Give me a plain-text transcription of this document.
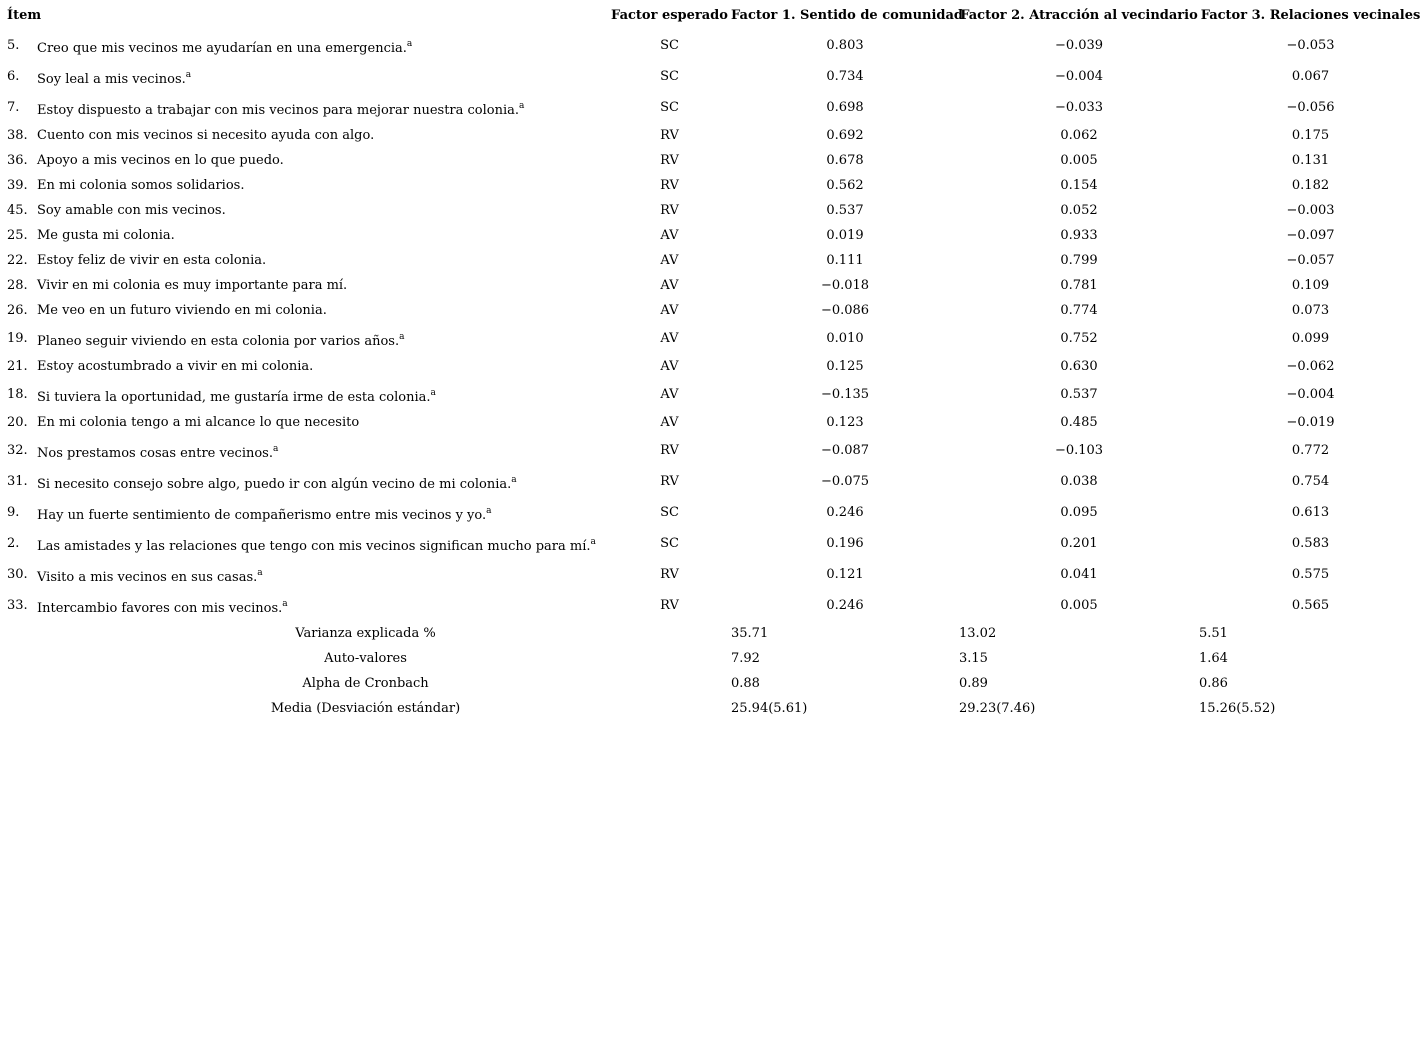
Ítem		Factor esperado	Factor 1. Sentido de comunidad	Factor 2. Atracción al vecindario	Factor 3. Relaciones vecinales
5.	Creo que mis vecinos me ayudarían en una emergencia.$^a$	SC	0.803	−0.039	−0.053
6.	Soy leal a mis vecinos.$^a$	SC	0.734	−0.004	0.067
7.	Estoy dispuesto a trabajar con mis vecinos para mejorar nuestra colonia.$^a$	SC	0.698	−0.033	−0.056
38.	Cuento con mis vecinos si necesito ayuda con algo.	RV	0.692	0.062	0.175
36.	Apoyo a mis vecinos en lo que puedo.	RV	0.678	0.005	0.131
39.	En mi colonia somos solidarios.	RV	0.562	0.154	0.182
45.	Soy amable con mis vecinos.	RV	0.537	0.052	−0.003
25.	Me gusta mi colonia.	AV	0.019	0.933	−0.097
22.	Estoy feliz de vivir en esta colonia.	AV	0.111	0.799	−0.057
28.	Vivir en mi colonia es muy importante para mí.	AV	−0.018	0.781	0.109
26.	Me veo en un futuro viviendo en mi colonia.	AV	−0.086	0.774	0.073
19.	Planeo seguir viviendo en esta colonia por varios años.$^a$	AV	0.010	0.752	0.099
21.	Estoy acostumbrado a vivir en mi colonia.	AV	0.125	0.630	−0.062
18.	Si tuviera la oportunidad, me gustaría irme de esta colonia.$^a$	AV	−0.135	0.537	−0.004
20.	En mi colonia tengo a mi alcance lo que necesito	AV	0.123	0.485	−0.019
32.	Nos prestamos cosas entre vecinos.$^a$	RV	−0.087	−0.103	0.772
31.	Si necesito consejo sobre algo, puedo ir con algún vecino de mi colonia.$^a$	RV	−0.075	0.038	0.754
9.	Hay un fuerte sentimiento de compañerismo entre mis vecinos y yo.$^a$	SC	0.246	0.095	0.613
2.	Las amistades y las relaciones que tengo con mis vecinos significan mucho para mí.$^a$	SC	0.196	0.201	0.583
30.	Visito a mis vecinos en sus casas.$^a$	RV	0.121	0.041	0.575
33.	Intercambio favores con mis vecinos.$^a$	RV	0.246	0.005	0.565
Varianza explicada %			35.71	13.02	5.51
Auto-valores			7.92	3.15	1.64
Alpha de Cronbach			0.88	0.89	0.86
Media (Desviación estándar)			25.94(5.61)	29.23(7.46)	15.26(5.52)
